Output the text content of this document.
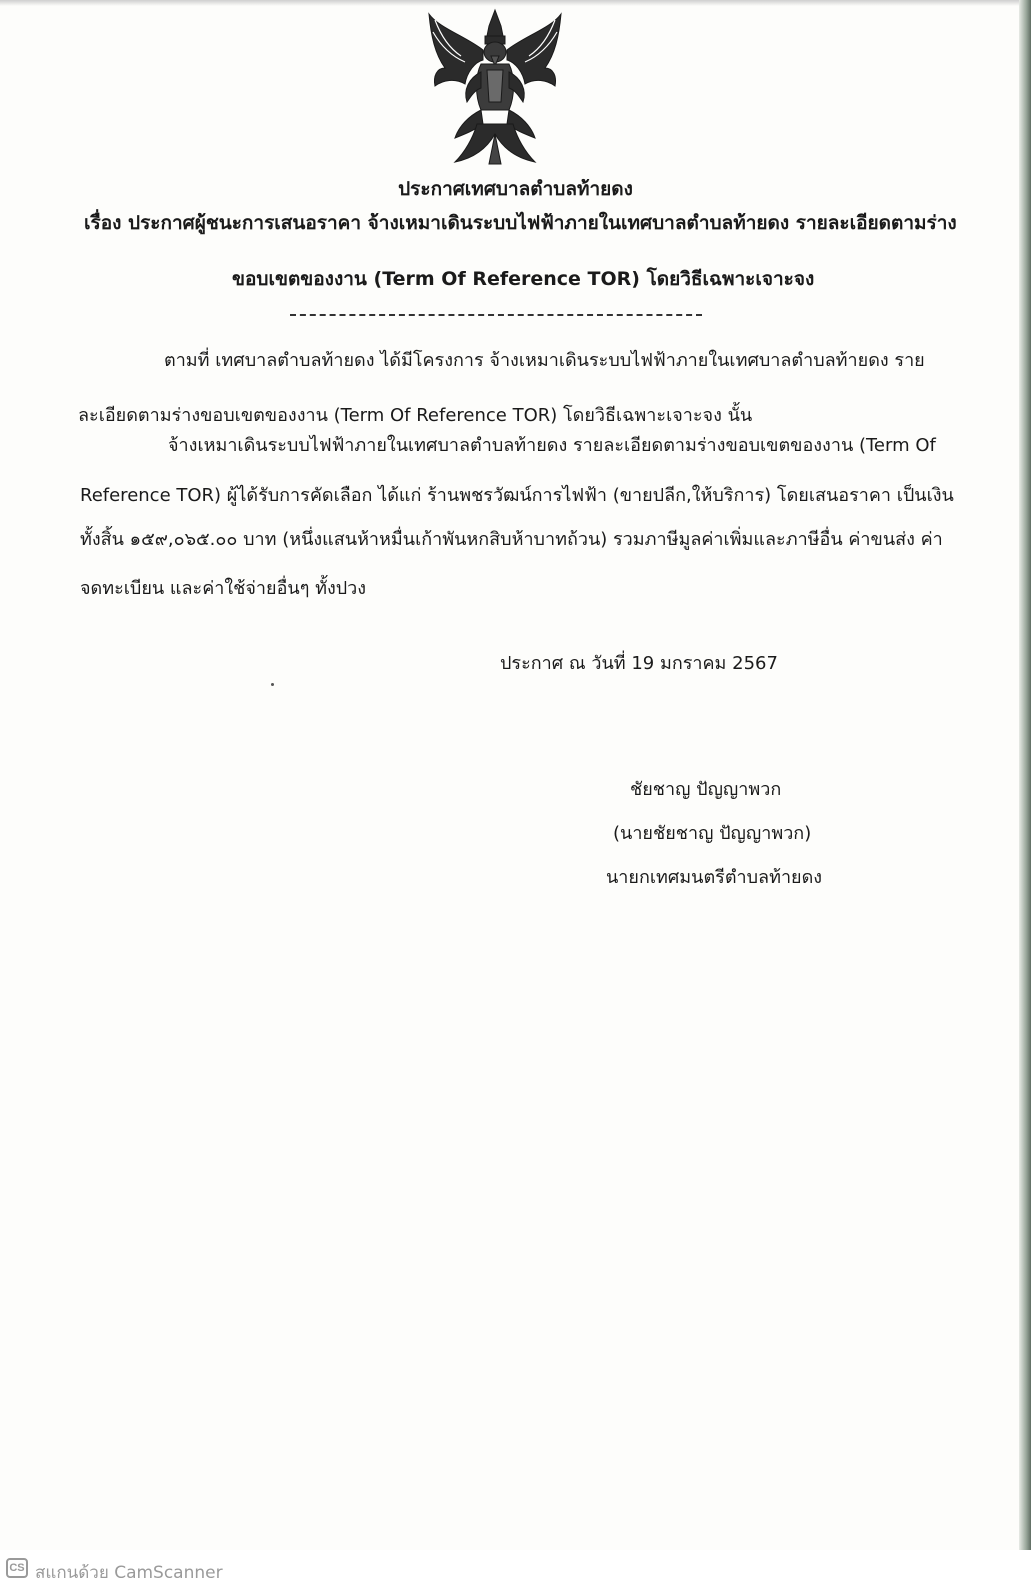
ประกาศเทศบาลตำบลท้ายดง
เรื่อง ประกาศผู้ชนะการเสนอราคา จ้างเหมาเดินระบบไฟฟ้าภายในเทศบาลตำบลท้ายดง รายละเอียดตามร่าง
ขอบเขตของงาน (Term Of Reference TOR) โดยวิธีเฉพาะเจาะจง
ตามที่ เทศบาลตำบลท้ายดง ได้มีโครงการ จ้างเหมาเดินระบบไฟฟ้าภายในเทศบาลตำบลท้ายดง ราย
ละเอียดตามร่างขอบเขตของงาน (Term Of Reference TOR) โดยวิธีเฉพาะเจาะจง นั้น
จ้างเหมาเดินระบบไฟฟ้าภายในเทศบาลตำบลท้ายดง รายละเอียดตามร่างขอบเขตของงาน (Term Of
Reference TOR) ผู้ได้รับการคัดเลือก ได้แก่ ร้านพชรวัฒน์การไฟฟ้า (ขายปลีก,ให้บริการ) โดยเสนอราคา เป็นเงิน
ทั้งสิ้น ๑๕๙,๐๖๕.๐๐ บาท (หนึ่งแสนห้าหมื่นเก้าพันหกสิบห้าบาทถ้วน) รวมภาษีมูลค่าเพิ่มและภาษีอื่น ค่าขนส่ง ค่า
จดทะเบียน และค่าใช้จ่ายอื่นๆ ทั้งปวง
ประกาศ ณ วันที่ 19 มกราคม 2567
ชัยชาญ ปัญญาพวก
(นายชัยชาญ ปัญญาพวก)
นายกเทศมนตรีตำบลท้ายดง
CS สแกนด้วย CamScanner
